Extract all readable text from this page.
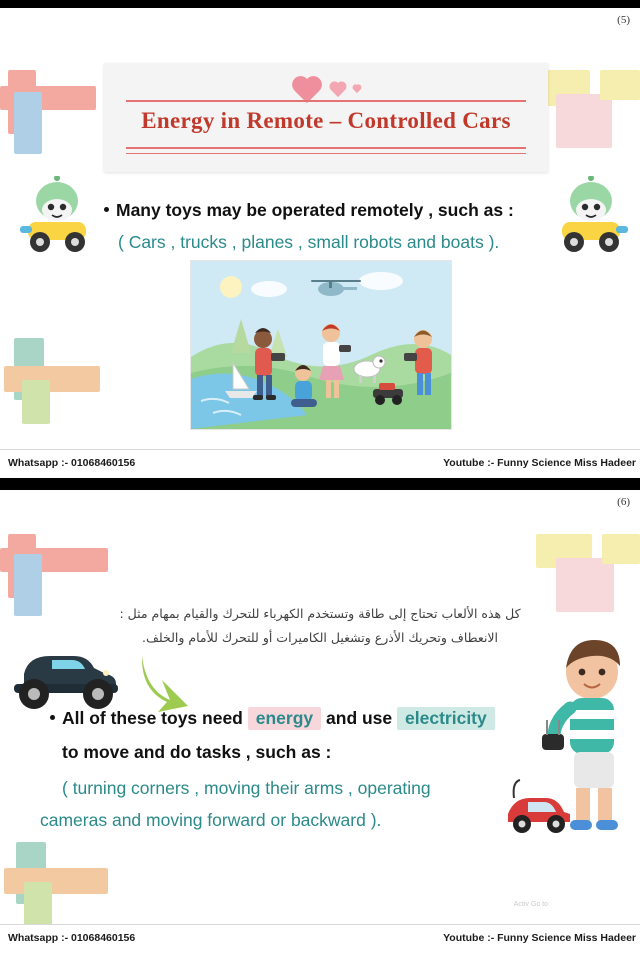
(5)
Energy in Remote – Controlled Cars
Many toys may be operated remotely , such as :
( Cars , trucks , planes , small robots and boats ).
Whatsapp :- 01068460156	Youtube :- Funny Science Miss Hadeer
(6)
كل هذه الألعاب تحتاج إلى طاقة وتستخدم الكهرباء للتحرك والقيام بمهام مثل :
الانعطاف وتحريك الأذرع وتشغيل الكاميرات أو للتحرك للأمام والخلف.
All of these toys need energy and use electricity
to move and do tasks , such as :
( turning corners , moving their arms , operating
cameras and moving forward or backward ).
Activ Go to
Whatsapp :- 01068460156	Youtube :- Funny Science Miss Hadeer
